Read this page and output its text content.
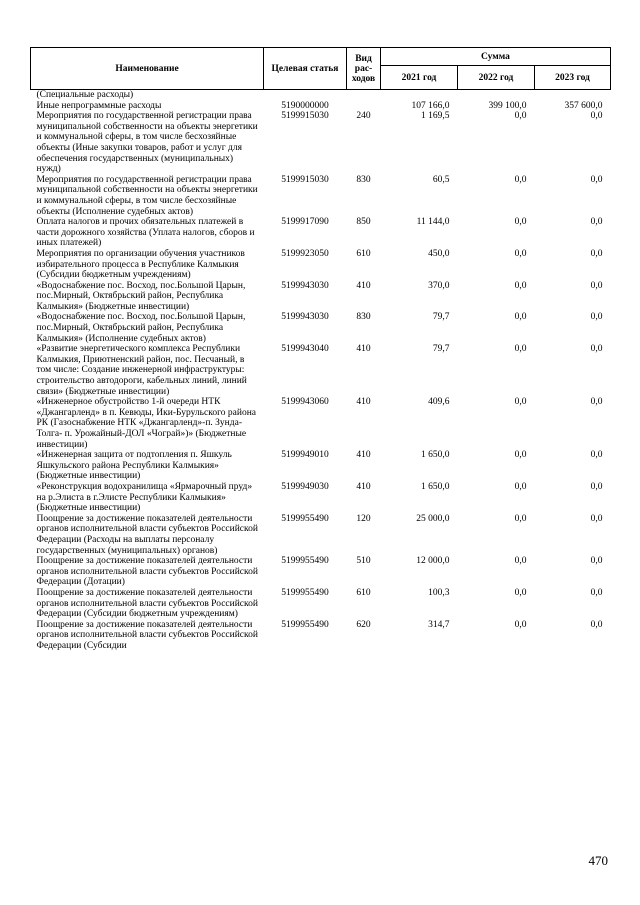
Наименование	Целевая статья	Вид рас-ходов	Сумма		
			2021 год	2022 год	2023 год
(Специальные расходы)					
Иные непрограммные расходы	5190000000		107 166,0	399 100,0	357 600,0
Мероприятия по государственной регистрации права муниципальной собственности на объекты энергетики и коммунальной сферы, в том числе бесхозяйные объекты (Иные закупки товаров, работ и услуг для обеспечения государственных (муниципальных) нужд)	5199915030	240	1 169,5	0,0	0,0
Мероприятия по государственной регистрации права муниципальной собственности на объекты энергетики и коммунальной сферы, в том числе бесхозяйные объекты (Исполнение судебных актов)	5199915030	830	60,5	0,0	0,0
Оплата налогов и прочих обязательных платежей в части дорожного хозяйства (Уплата налогов, сборов и иных платежей)	5199917090	850	11 144,0	0,0	0,0
Мероприятия по организации обучения участников избирательного процесса в Республике Калмыкия (Субсидии бюджетным учреждениям)	5199923050	610	450,0	0,0	0,0
«Водоснабжение пос. Восход, пос.Большой Царын, пос.Мирный, Октябрьский район, Республика Калмыкия» (Бюджетные инвестиции)	5199943030	410	370,0	0,0	0,0
«Водоснабжение пос. Восход, пос.Большой Царын, пос.Мирный, Октябрьский район, Республика Калмыкия» (Исполнение судебных актов)	5199943030	830	79,7	0,0	0,0
«Развитие энергетического комплекса Республики Калмыкия, Приютненский район, пос. Песчаный, в том числе: Создание инженерной инфраструктуры: строительство автодороги, кабельных линий, линий связи» (Бюджетные инвестиции)	5199943040	410	79,7	0,0	0,0
«Инженерное обустройство 1-й очереди НТК «Джангарленд» в п. Кевюды, Ики-Бурульского района РК (Газоснабжение НТК «Джангарленд»-п. Зунда-Толга- п. Урожайный-ДОЛ «Чограй»)» (Бюджетные инвестиции)	5199943060	410	409,6	0,0	0,0
«Инженерная защита от подтопления п. Яшкуль Яшкульского района Республики Калмыкия» (Бюджетные инвестиции)	5199949010	410	1 650,0	0,0	0,0
«Реконструкция водохранилища «Ярмарочный пруд» на р.Элиста в г.Элисте Республики Калмыкия» (Бюджетные инвестиции)	5199949030	410	1 650,0	0,0	0,0
Поощрение за достижение показателей деятельности органов исполнительной власти субъектов Российской Федерации (Расходы на выплаты персоналу государственных (муниципальных) органов)	5199955490	120	25 000,0	0,0	0,0
Поощрение за достижение показателей деятельности органов исполнительной власти субъектов Российской Федерации (Дотации)	5199955490	510	12 000,0	0,0	0,0
Поощрение за достижение показателей деятельности органов исполнительной власти субъектов Российской Федерации (Субсидии бюджетным учреждениям)	5199955490	610	100,3	0,0	0,0
Поощрение за достижение показателей деятельности органов исполнительной власти субъектов Российской Федерации (Субсидии	5199955490	620	314,7	0,0	0,0
470
